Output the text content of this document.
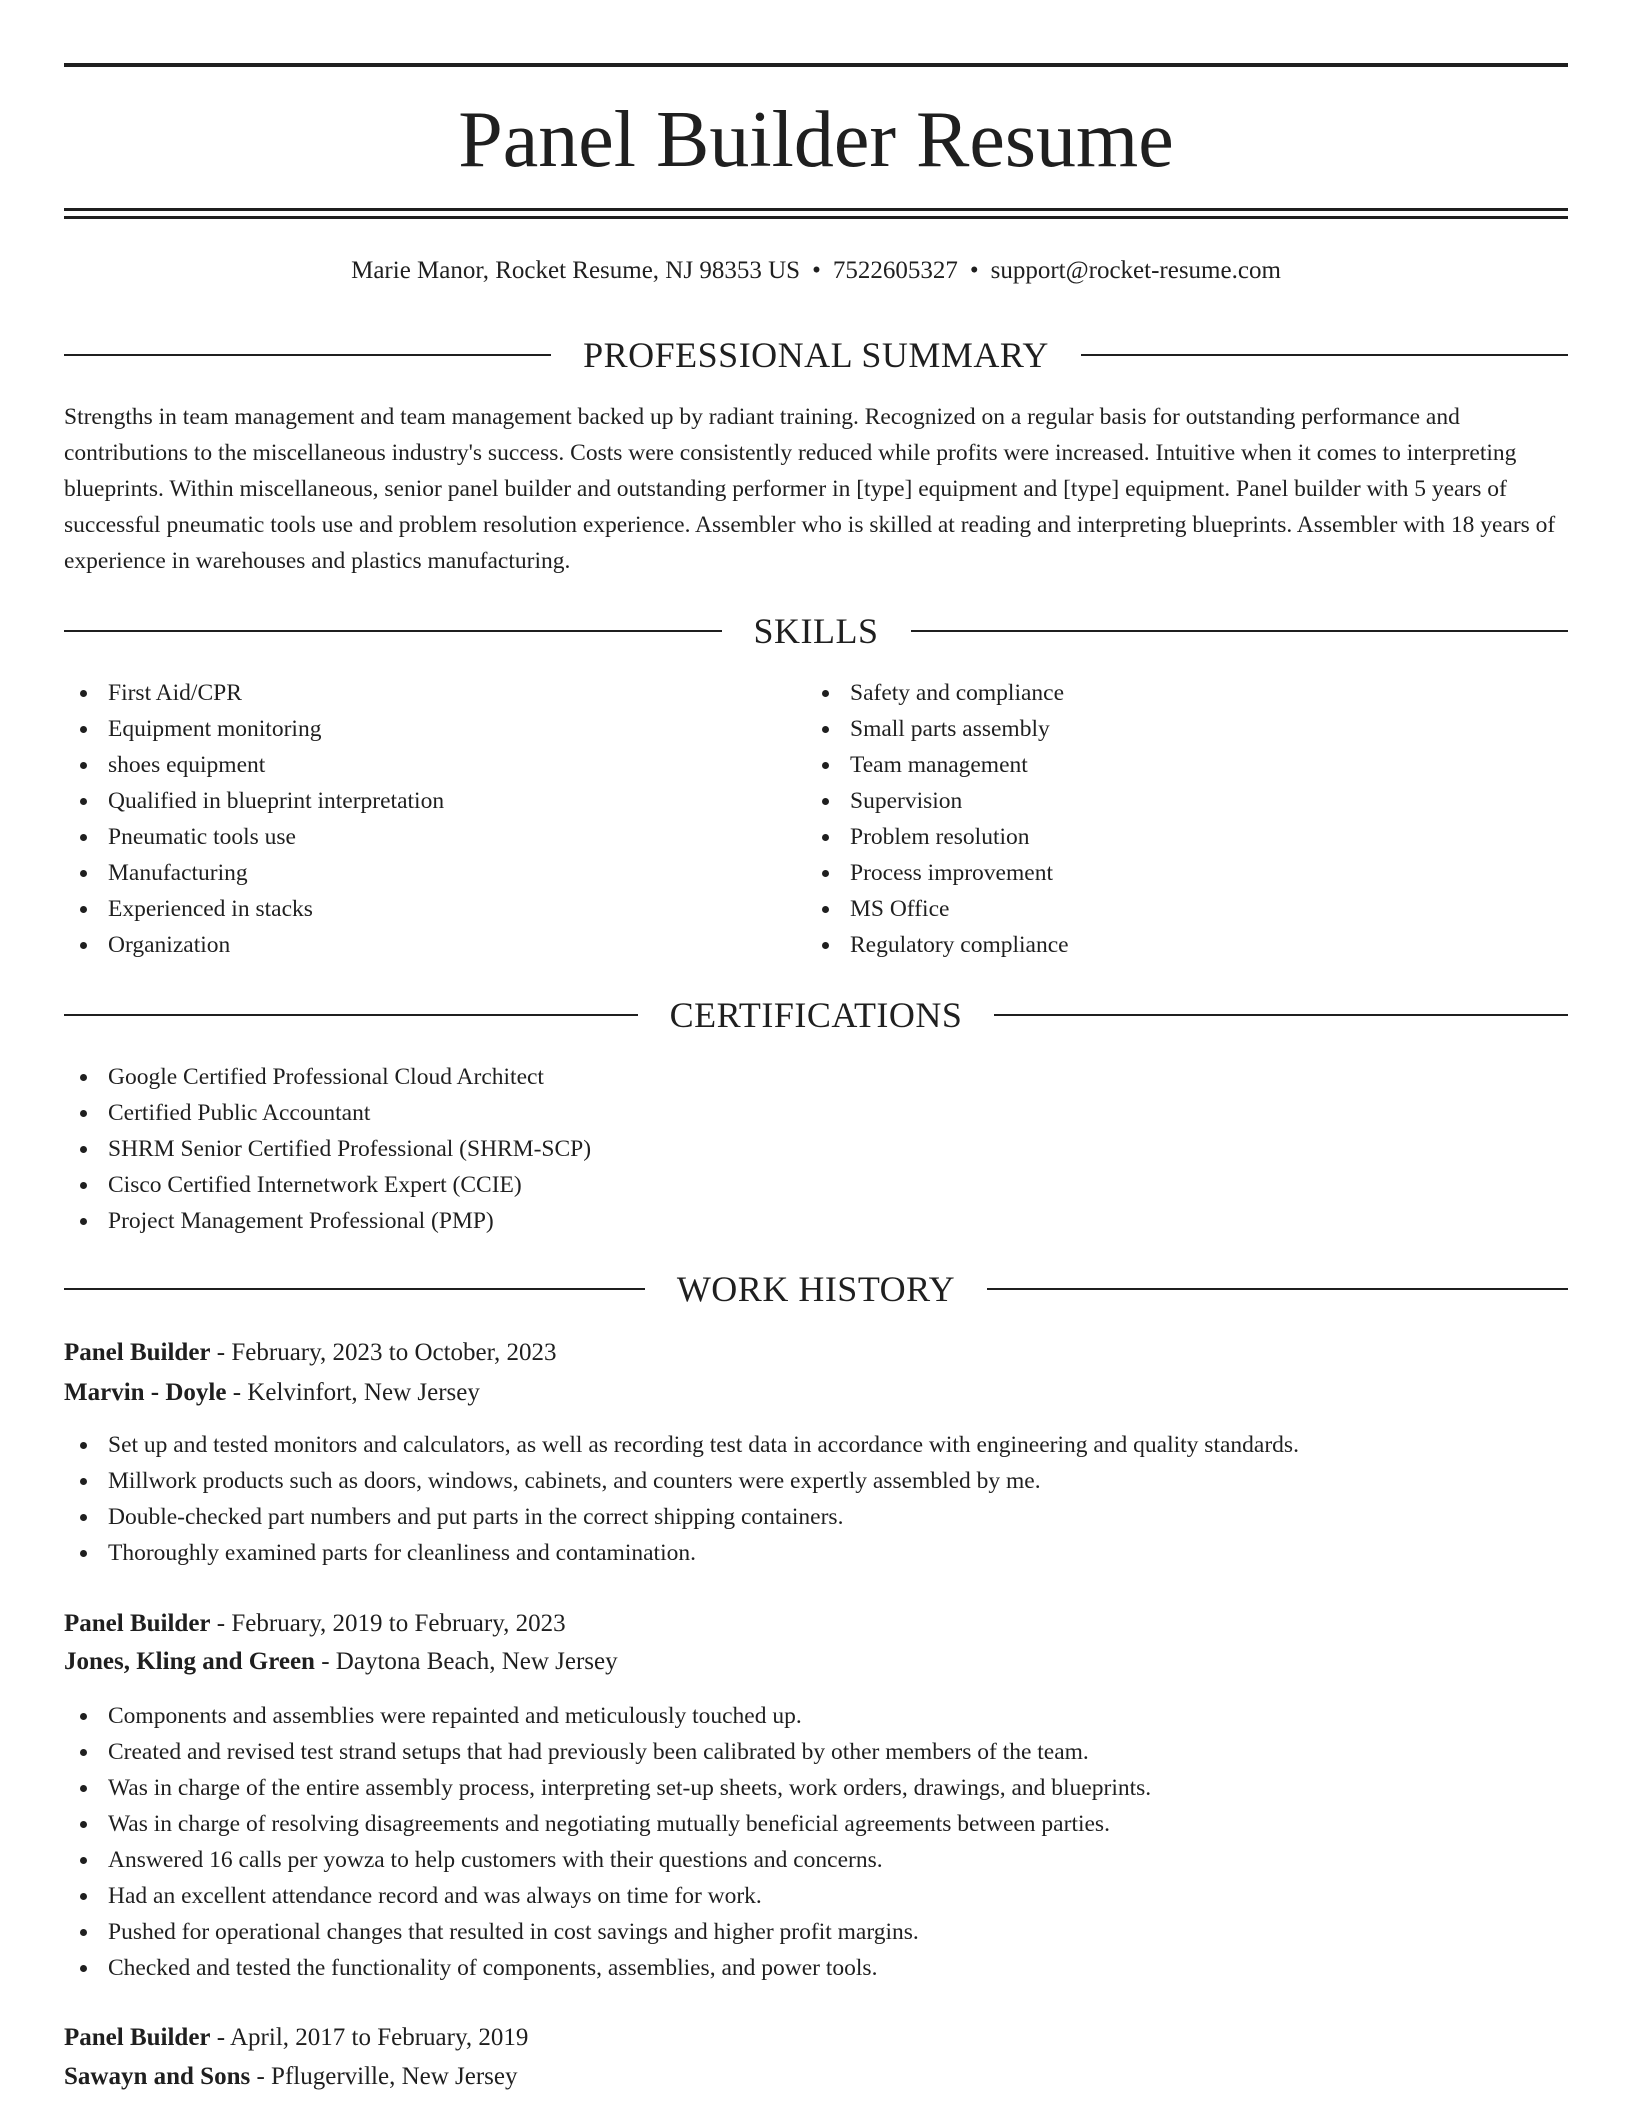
Panel Builder Resume
Marie Manor, Rocket Resume, NJ 98353 US • 7522605327 • support@rocket-resume.com
PROFESSIONAL SUMMARY

Strengths in team management and team management backed up by radiant training. Recognized on a regular basis for outstanding performance and contributions to the miscellaneous industry's success. Costs were consistently reduced while profits were increased. Intuitive when it comes to interpreting blueprints. Within miscellaneous, senior panel builder and outstanding performer in [type] equipment and [type] equipment. Panel builder with 5 years of successful pneumatic tools use and problem resolution experience. Assembler who is skilled at reading and interpreting blueprints. Assembler with 18 years of experience in warehouses and plastics manufacturing.

SKILLS
First Aid/CPR
Equipment monitoring
shoes equipment
Qualified in blueprint interpretation
Pneumatic tools use
Manufacturing
Experienced in stacks
Organization
Safety and compliance
Small parts assembly
Team management
Supervision
Problem resolution
Process improvement
MS Office
Regulatory compliance
CERTIFICATIONS
Google Certified Professional Cloud Architect
Certified Public Accountant
SHRM Senior Certified Professional (SHRM-SCP)
Cisco Certified Internetwork Expert (CCIE)
Project Management Professional (PMP)
WORK HISTORY
Panel Builder - February, 2023 to October, 2023
Marvin - Doyle - Kelvinfort, New Jersey
Set up and tested monitors and calculators, as well as recording test data in accordance with engineering and quality standards.
Millwork products such as doors, windows, cabinets, and counters were expertly assembled by me.
Double-checked part numbers and put parts in the correct shipping containers.
Thoroughly examined parts for cleanliness and contamination.
Panel Builder - February, 2019 to February, 2023
Jones, Kling and Green - Daytona Beach, New Jersey
Components and assemblies were repainted and meticulously touched up.
Created and revised test strand setups that had previously been calibrated by other members of the team.
Was in charge of the entire assembly process, interpreting set-up sheets, work orders, drawings, and blueprints.
Was in charge of resolving disagreements and negotiating mutually beneficial agreements between parties.
Answered 16 calls per yowza to help customers with their questions and concerns.
Had an excellent attendance record and was always on time for work.
Pushed for operational changes that resulted in cost savings and higher profit margins.
Checked and tested the functionality of components, assemblies, and power tools.
Panel Builder - April, 2017 to February, 2019
Sawayn and Sons - Pflugerville, New Jersey
